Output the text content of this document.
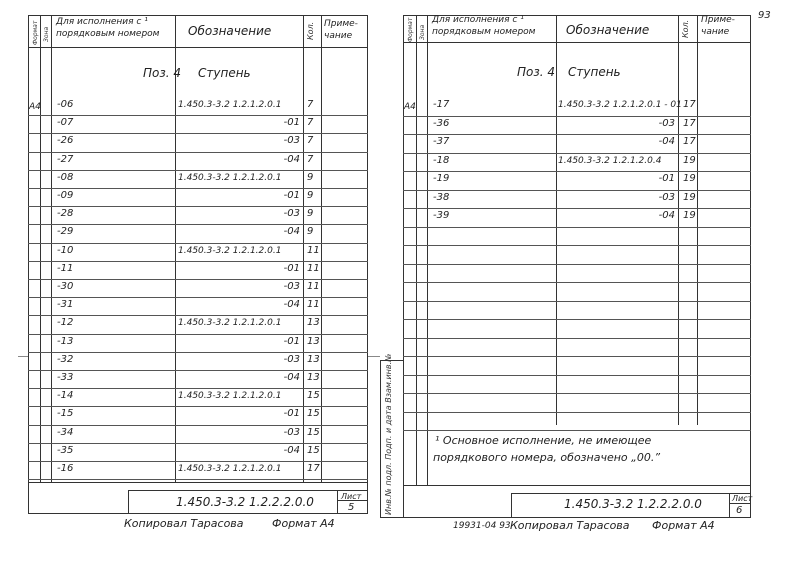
93
Формат Зона
Для исполнения с ¹ порядковым номером	Обозначение	Кол. Приме- чание
Поз. 4 Ступень
А4 -06	1.450.3-3.2 1.2.1.2.0.1	7
-07	-01 7
-26	-03 7
-27	-04 7
-08	1.450.3-3.2 1.2.1.2.0.1	9
-09	-01 9
-28	-03 9
-29	-04 9
-10	1.450.3-3.2 1.2.1.2.0.1	11
-11	-01 11
-30	-03 11
-31	-04 11
-12	1.450.3-3.2 1.2.1.2.0.1	13
-13	-01 13
-32	-03 13
-33	-04 13
-14	1.450.3-3.2 1.2.1.2.0.1	15
-15	-01 15
-34	-03 15
-35	-04 15
-16	1.450.3-3.2 1.2.1.2.0.1	17
1.450.3-3.2 1.2.2.2.0.0	Лист
5
Копировал Тарасова	Формат А4
Инв.№ подл. Подп. и дата Взам.инв.№
Формат Зона
Для исполнения с ¹ порядковым номером	Обозначение	Кол. Приме- чание
Поз. 4 Ступень
А4 -17	1.450.3-3.2 1.2.1.2.0.1 - 01 17
-36	-03 17
-37	-04 17
-18	1.450.3-3.2 1.2.1.2.0.4 19
-19	-01 19
-38	-03 19
-39	-04 19
¹ Основное исполнение, не имеющее
порядкового номера, обозначено „00.”
1.450.3-3.2 1.2.2.2.0.0	Лист
6
19931-04 93 Копировал Тарасова Формат А4
